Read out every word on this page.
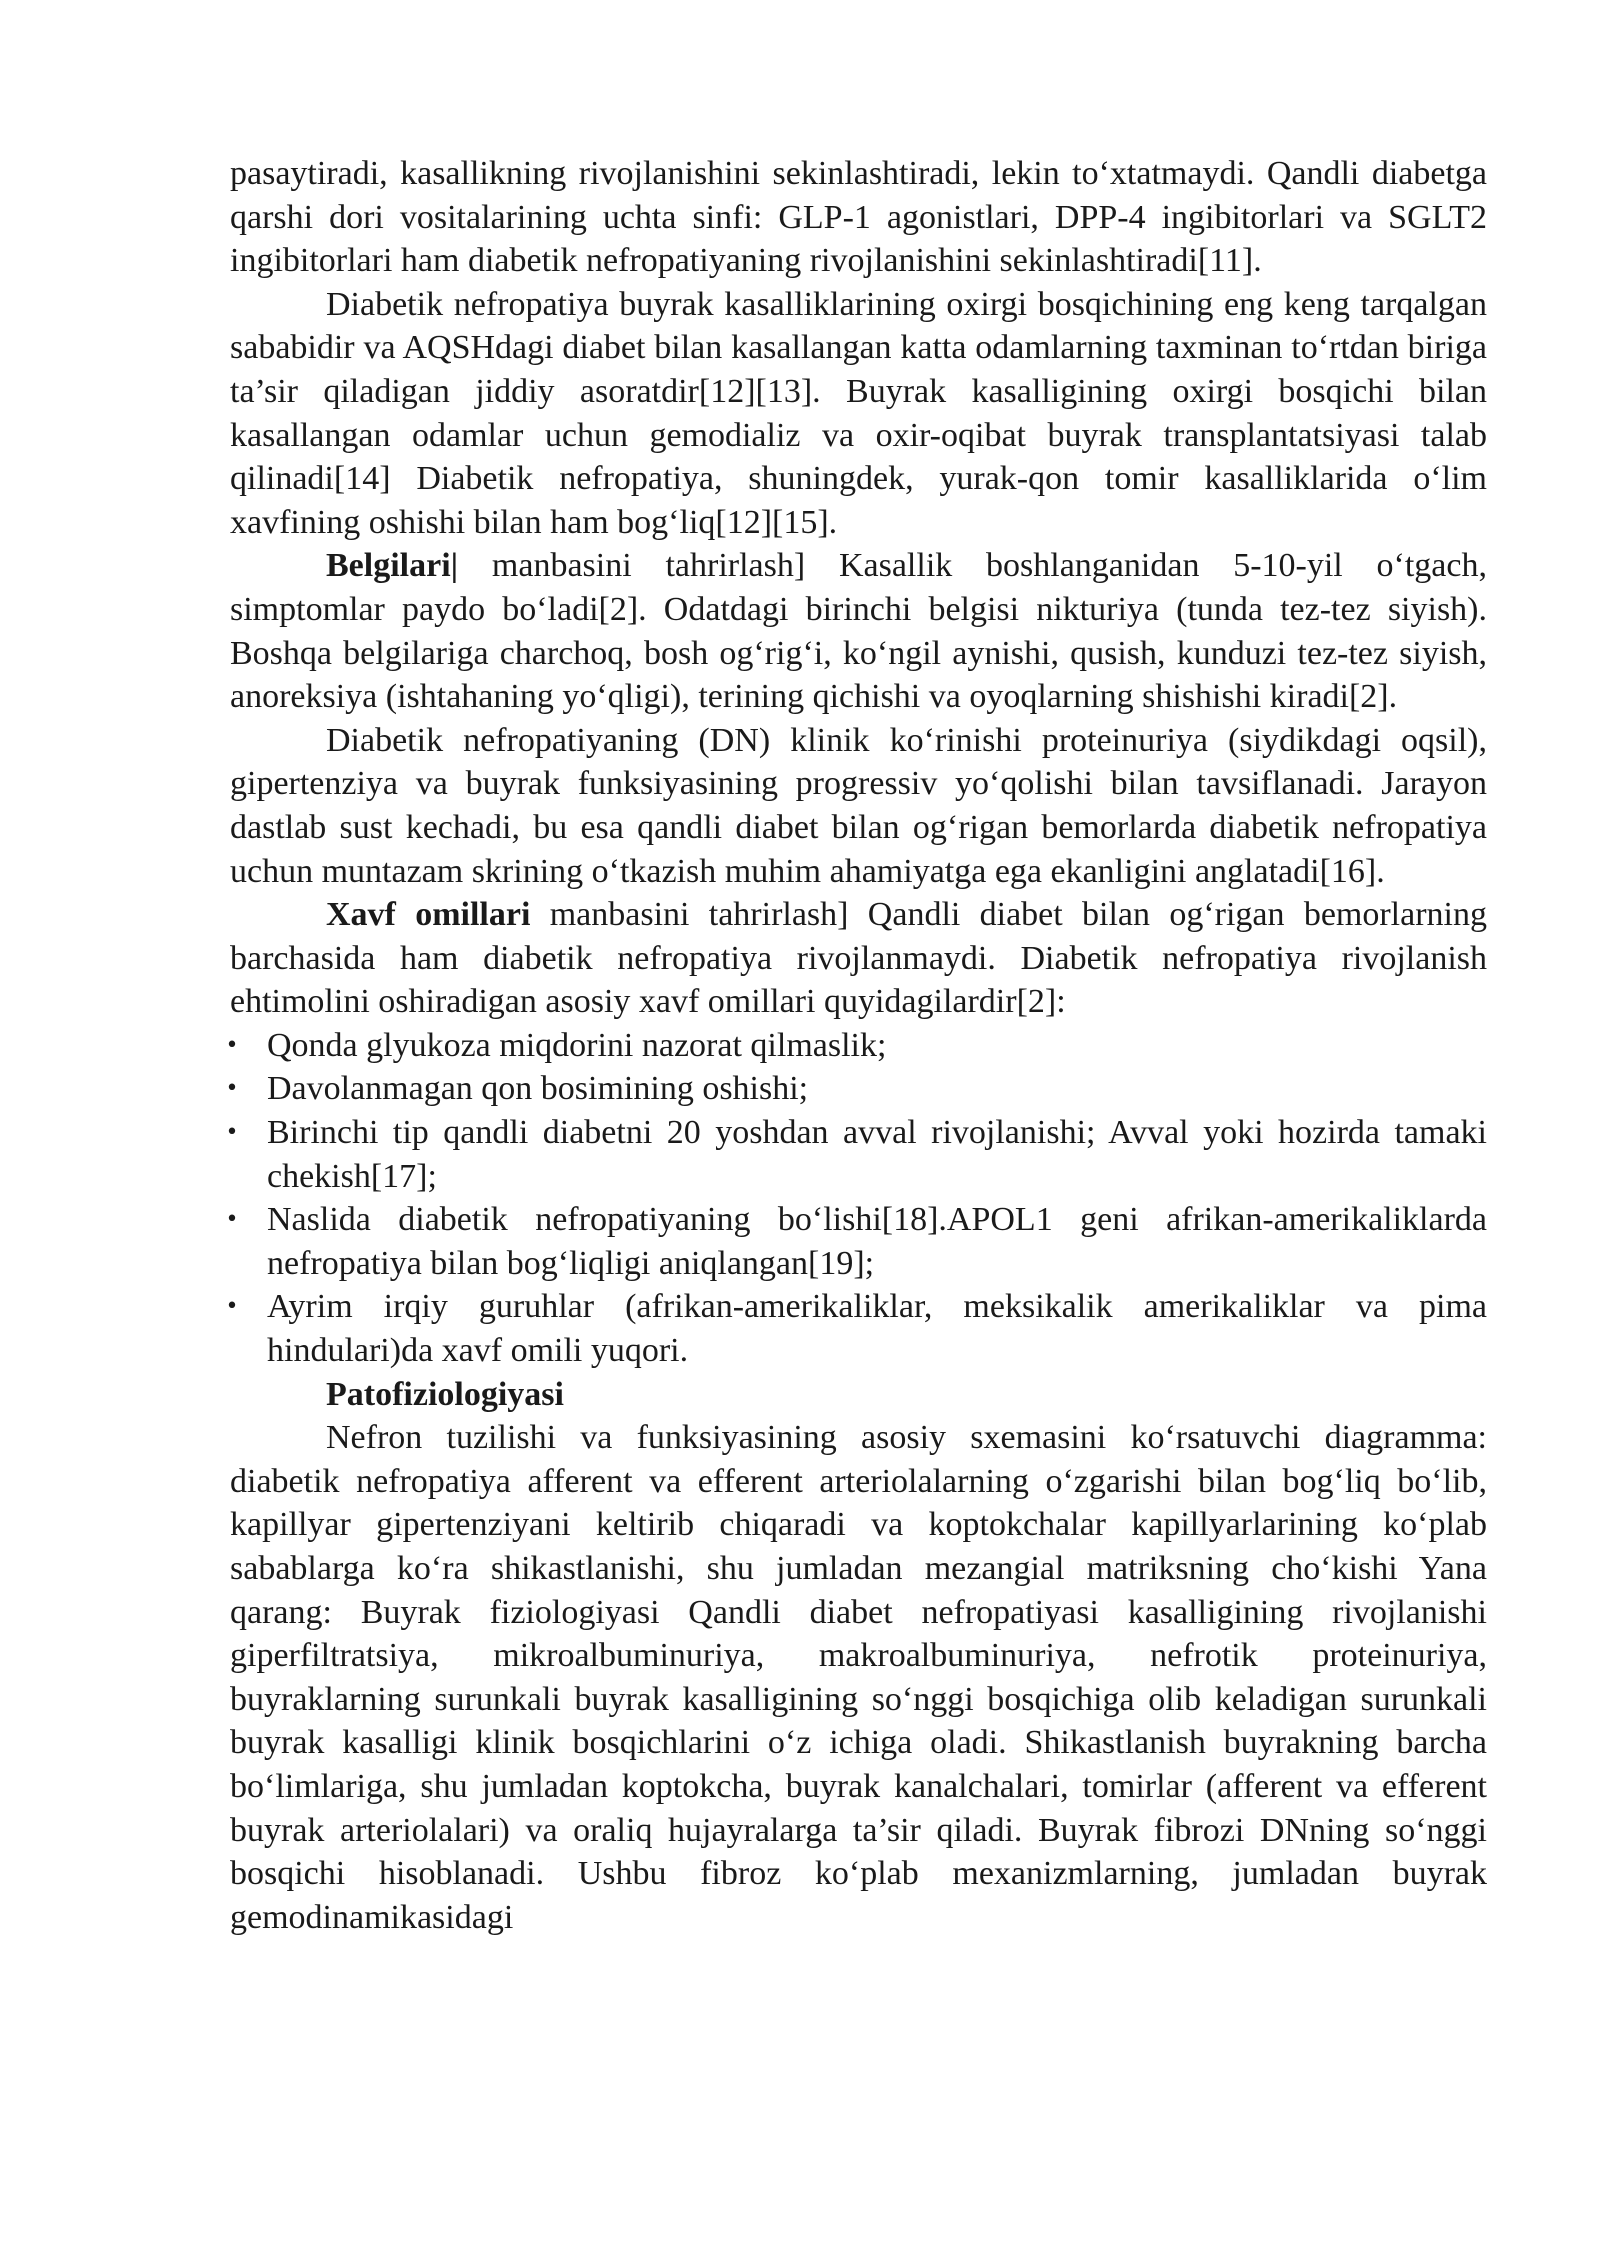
pasaytiradi, kasallikning rivojlanishini sekinlashtiradi, lekin to‘xtatmaydi. Qandli diabetga qarshi dori vositalarining uchta sinfi: GLP-1 agonistlari, DPP-4 ingibitorlari va SGLT2 ingibitorlari ham diabetik nefropatiyaning rivojlanishini sekinlashtiradi[11].

Diabetik nefropatiya buyrak kasalliklarining oxirgi bosqichining eng keng tarqalgan sababidir va AQSHdagi diabet bilan kasallangan katta odamlarning taxminan to‘rtdan biriga ta’sir qiladigan jiddiy asoratdir[12][13]. Buyrak kasalligining oxirgi bosqichi bilan kasallangan odamlar uchun gemodializ va oxir-oqibat buyrak transplantatsiyasi talab qilinadi[14] Diabetik nefropatiya, shuningdek, yurak-qon tomir kasalliklarida o‘lim xavfining oshishi bilan ham bog‘liq[12][15].

Belgilari| manbasini tahrirlash] Kasallik boshlanganidan 5-10-yil o‘tgach, simptomlar paydo bo‘ladi[2]. Odatdagi birinchi belgisi nikturiya (tunda tez-tez siyish). Boshqa belgilariga charchoq, bosh og‘rig‘i, ko‘ngil aynishi, qusish, kunduzi tez-tez siyish, anoreksiya (ishtahaning yo‘qligi), terining qichishi va oyoqlarning shishishi kiradi[2].

Diabetik nefropatiyaning (DN) klinik ko‘rinishi proteinuriya (siydikdagi oqsil), gipertenziya va buyrak funksiyasining progressiv yo‘qolishi bilan tavsiflanadi. Jarayon dastlab sust kechadi, bu esa qandli diabet bilan og‘rigan bemorlarda diabetik nefropatiya uchun muntazam skrining o‘tkazish muhim ahamiyatga ega ekanligini anglatadi[16].

Xavf omillari manbasini tahrirlash] Qandli diabet bilan og‘rigan bemorlarning barchasida ham diabetik nefropatiya rivojlanmaydi. Diabetik nefropatiya rivojlanish ehtimolini oshiradigan asosiy xavf omillari quyidagilardir[2]:

• Qonda glyukoza miqdorini nazorat qilmaslik;
• Davolanmagan qon bosimining oshishi;
• Birinchi tip qandli diabetni 20 yoshdan avval rivojlanishi; Avval yoki hozirda tamaki chekish[17];
• Naslida diabetik nefropatiyaning bo‘lishi[18].APOL1 geni afrikan-amerikaliklarda nefropatiya bilan bog‘liqligi aniqlangan[19];
• Ayrim irqiy guruhlar (afrikan-amerikaliklar, meksikalik amerikaliklar va pima hindulari)da xavf omili yuqori.
Patofiziologiyasi

Nefron tuzilishi va funksiyasining asosiy sxemasini ko‘rsatuvchi diagramma: diabetik nefropatiya afferent va efferent arteriolalarning o‘zgarishi bilan bog‘liq bo‘lib, kapillyar gipertenziyani keltirib chiqaradi va koptokchalar kapillyarlarining ko‘plab sabablarga ko‘ra shikastlanishi, shu jumladan mezangial matriksning cho‘kishi Yana qarang: Buyrak fiziologiyasi Qandli diabet nefropatiyasi kasalligining rivojlanishi giperfiltratsiya, mikroalbuminuriya, makroalbuminuriya, nefrotik proteinuriya, buyraklarning surunkali buyrak kasalligining so‘nggi bosqichiga olib keladigan surunkali buyrak kasalligi klinik bosqichlarini o‘z ichiga oladi. Shikastlanish buyrakning barcha bo‘limlariga, shu jumladan koptokcha, buyrak kanalchalari, tomirlar (afferent va efferent buyrak arteriolalari) va oraliq hujayralarga ta’sir qiladi. Buyrak fibrozi DNning so‘nggi bosqichi hisoblanadi. Ushbu fibroz ko‘plab mexanizmlarning, jumladan buyrak gemodinamikasidagi
